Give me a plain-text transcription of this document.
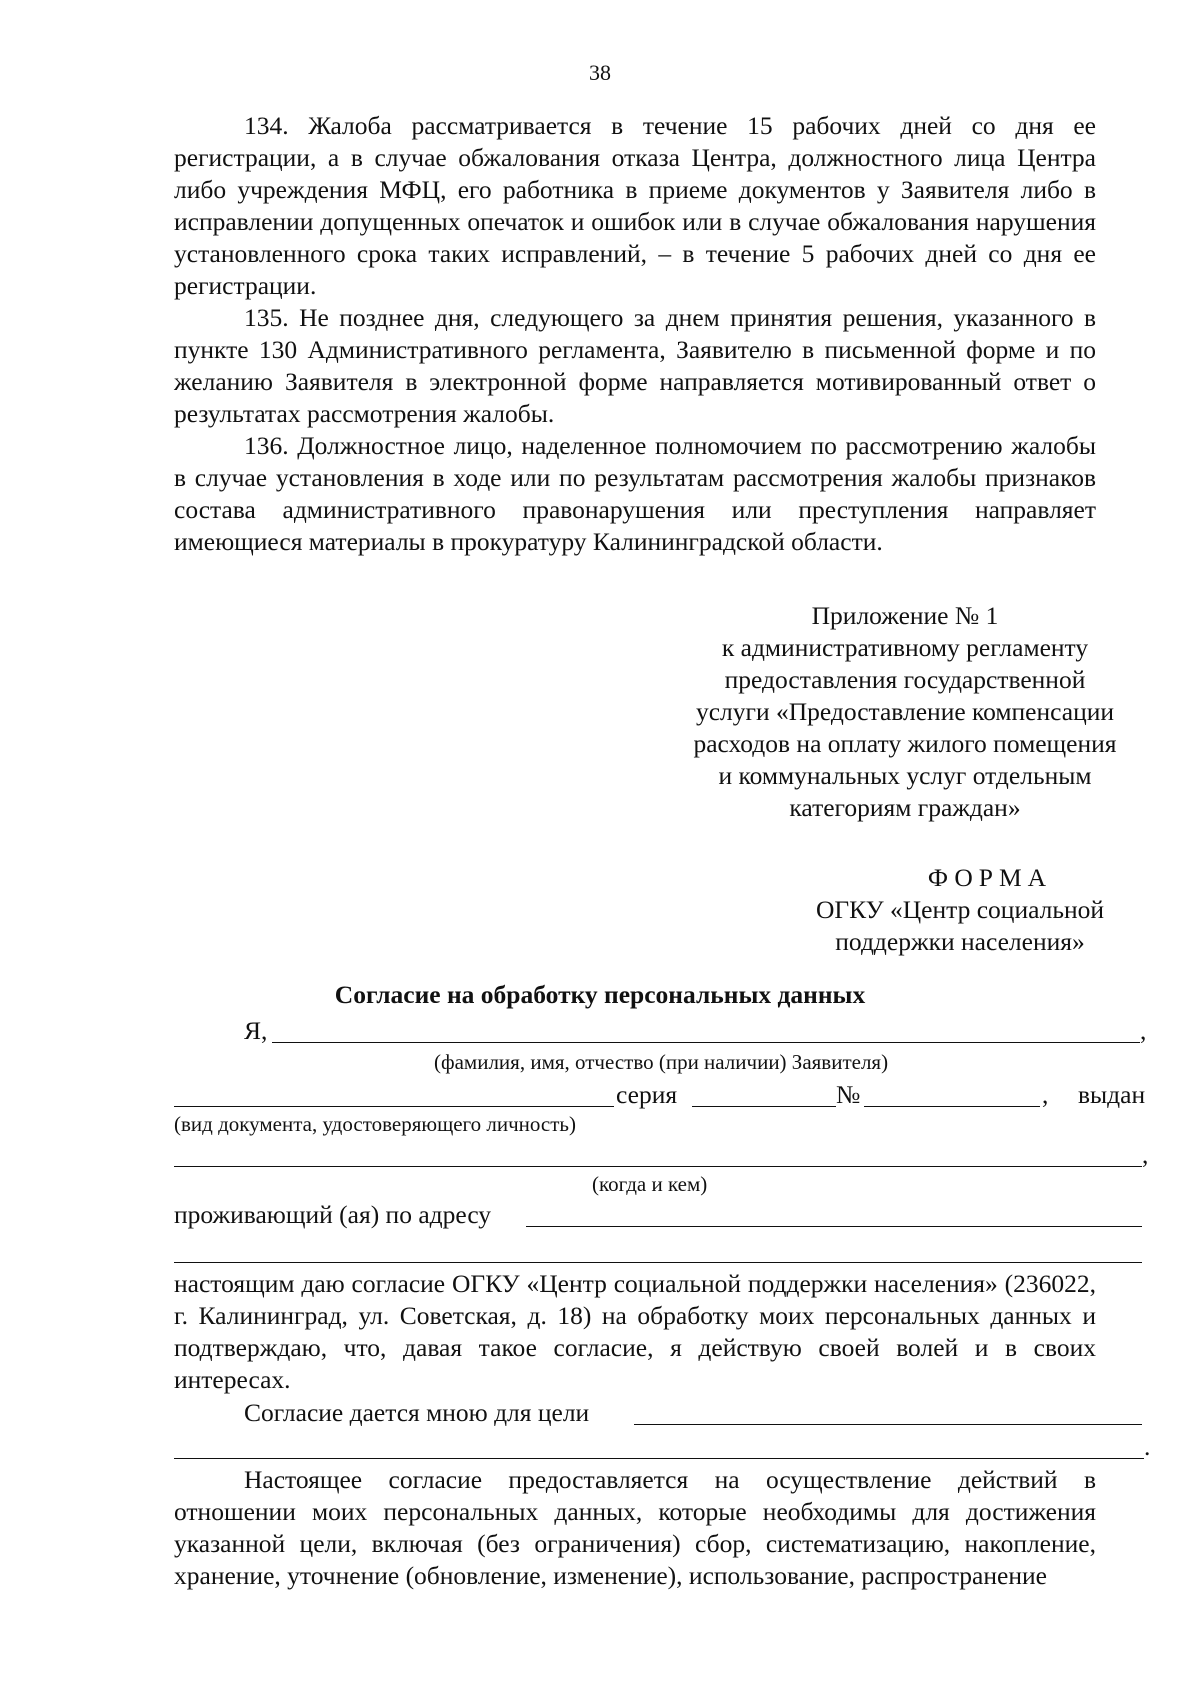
38

134. Жалоба рассматривается в течение 15 рабочих дней со дня ее регистрации, а в случае обжалования отказа Центра, должностного лица Центра либо учреждения МФЦ, его работника в приеме документов у Заявителя либо в исправлении допущенных опечаток и ошибок или в случае обжалования нарушения установленного срока таких исправлений, – в течение 5 рабочих дней со дня ее регистрации.

135. Не позднее дня, следующего за днем принятия решения, указанного в пункте 130 Административного регламента, Заявителю в письменной форме и по желанию Заявителя в электронной форме направляется мотивированный ответ о результатах рассмотрения жалобы.

136. Должностное лицо, наделенное полномочием по рассмотрению жалобы в случае установления в ходе или по результатам рассмотрения жалобы признаков состава административного правонарушения или преступления направляет имеющиеся материалы в прокуратуру Калининградской области.

Приложение № 1
к административному регламенту
предоставления государственной
услуги «Предоставление компенсации
расходов на оплату жилого помещения
и коммунальных услуг отдельным
категориям граждан»
ФОРМА
ОГКУ «Центр социальной
поддержки населения»
Согласие на обработку персональных данных
Я,	,
(фамилия, имя, отчество (при наличии) Заявителя)
серия	№	, выдан
(вид документа, удостоверяющего личность)
,
(когда и кем)
проживающий (ая) по адресу
настоящим даю согласие ОГКУ «Центр социальной поддержки населения» (236022, г. Калининград, ул. Советская, д. 18) на обработку моих персональных данных и подтверждаю, что, давая такое согласие, я действую своей волей и в своих интересах.
Согласие дается мною для цели
.

Настоящее согласие предоставляется на осуществление действий в отношении моих персональных данных, которые необходимы для достижения указанной цели, включая (без ограничения) сбор, систематизацию, накопление, хранение, уточнение (обновление, изменение), использование, распространение
